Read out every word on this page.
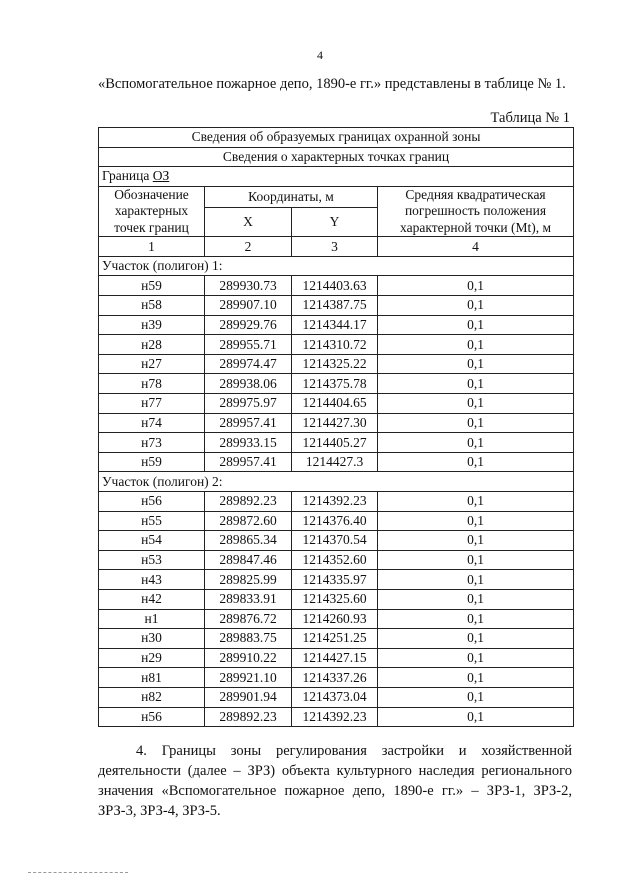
4
«Вспомогательное пожарное депо, 1890-е гг.» представлены в таблице № 1.
Таблица № 1
Сведения об образуемых границах охранной зоны			
Сведения о характерных точках границ			
Граница ОЗ			
Обозначение характерных точек границ	Координаты, м		Средняя квадратическая погрешность положения характерной точки (Mt), м
	X	Y	
1	2	3	4
Участок (полигон) 1:			
н59	289930.73	1214403.63	0,1
н58	289907.10	1214387.75	0,1
н39	289929.76	1214344.17	0,1
н28	289955.71	1214310.72	0,1
н27	289974.47	1214325.22	0,1
н78	289938.06	1214375.78	0,1
н77	289975.97	1214404.65	0,1
н74	289957.41	1214427.30	0,1
н73	289933.15	1214405.27	0,1
н59	289957.41	1214427.3	0,1
Участок (полигон) 2:			
н56	289892.23	1214392.23	0,1
н55	289872.60	1214376.40	0,1
н54	289865.34	1214370.54	0,1
н53	289847.46	1214352.60	0,1
н43	289825.99	1214335.97	0,1
н42	289833.91	1214325.60	0,1
н1	289876.72	1214260.93	0,1
н30	289883.75	1214251.25	0,1
н29	289910.22	1214427.15	0,1
н81	289921.10	1214337.26	0,1
н82	289901.94	1214373.04	0,1
н56	289892.23	1214392.23	0,1
4. Границы зоны регулирования застройки и хозяйственной деятельности (далее – ЗРЗ) объекта культурного наследия регионального значения «Вспомогательное пожарное депо, 1890-е гг.» – ЗРЗ-1, ЗРЗ-2, ЗРЗ-3, ЗРЗ-4, ЗРЗ-5.
